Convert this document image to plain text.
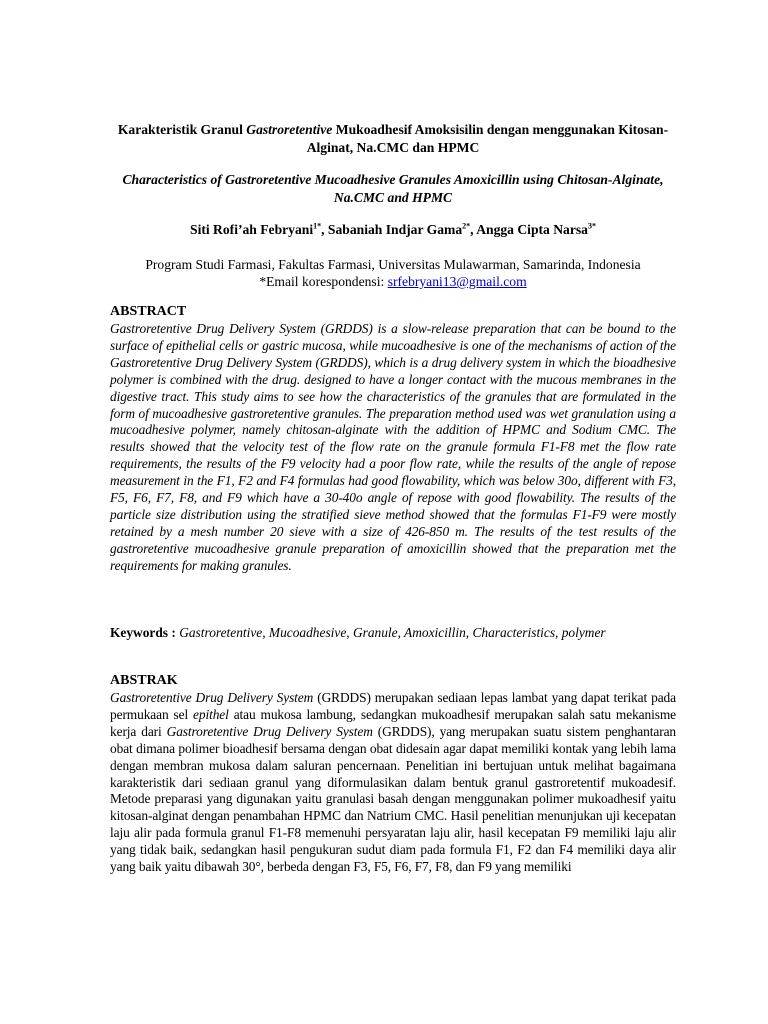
Karakteristik Granul Gastroretentive Mukoadhesif Amoksisilin dengan menggunakan Kitosan-Alginat, Na.CMC dan HPMC
Characteristics of Gastroretentive Mucoadhesive Granules Amoxicillin using Chitosan-Alginate, Na.CMC and HPMC
Siti Rofi’ah Febryani$^{1*}$, Sabaniah Indjar Gama$^{2*}$, Angga Cipta Narsa$^{3*}$

Program Studi Farmasi, Fakultas Farmasi, Universitas Mulawarman, Samarinda, Indonesia

*Email korespondensi: srfebryani13@gmail.com

ABSTRACT
Gastroretentive Drug Delivery System (GRDDS) is a slow-release preparation that can be bound to the surface of epithelial cells or gastric mucosa, while mucoadhesive is one of the mechanisms of action of the Gastroretentive Drug Delivery System (GRDDS), which is a drug delivery system in which the bioadhesive polymer is combined with the drug. designed to have a longer contact with the mucous membranes in the digestive tract. This study aims to see how the characteristics of the granules that are formulated in the form of mucoadhesive gastroretentive granules. The preparation method used was wet granulation using a mucoadhesive polymer, namely chitosan-alginate with the addition of HPMC and Sodium CMC. The results showed that the velocity test of the flow rate on the granule formula F1-F8 met the flow rate requirements, the results of the F9 velocity had a poor flow rate, while the results of the angle of repose measurement in the F1, F2 and F4 formulas had good flowability, which was below 30o, different with F3, F5, F6, F7, F8, and F9 which have a 30-40o angle of repose with good flowability. The results of the particle size distribution using the stratified sieve method showed that the formulas F1-F9 were mostly retained by a mesh number 20 sieve with a size of 426-850 m. The results of the test results of the gastroretentive mucoadhesive granule preparation of amoxicillin showed that the preparation met the requirements for making granules.
Keywords : Gastroretentive, Mucoadhesive, Granule, Amoxicillin, Characteristics, polymer
ABSTRAK
Gastroretentive Drug Delivery System (GRDDS) merupakan sediaan lepas lambat yang dapat terikat pada permukaan sel epithel atau mukosa lambung, sedangkan mukoadhesif merupakan salah satu mekanisme kerja dari Gastroretentive Drug Delivery System (GRDDS), yang merupakan suatu sistem penghantaran obat dimana polimer bioadhesif bersama dengan obat didesain agar dapat memiliki kontak yang lebih lama dengan membran mukosa dalam saluran pencernaan. Penelitian ini bertujuan untuk melihat bagaimana karakteristik dari sediaan granul yang diformulasikan dalam bentuk granul gastroretentif mukoadesif. Metode preparasi yang digunakan yaitu granulasi basah dengan menggunakan polimer mukoadhesif yaitu kitosan-alginat dengan penambahan HPMC dan Natrium CMC. Hasil penelitian menunjukan uji kecepatan laju alir pada formula granul F1-F8 memenuhi persyaratan laju alir, hasil kecepatan F9 memiliki laju alir yang tidak baik, sedangkan hasil pengukuran sudut diam pada formula F1, F2 dan F4 memiliki daya alir yang baik yaitu dibawah 30°, berbeda dengan F3, F5, F6, F7, F8, dan F9 yang memiliki
